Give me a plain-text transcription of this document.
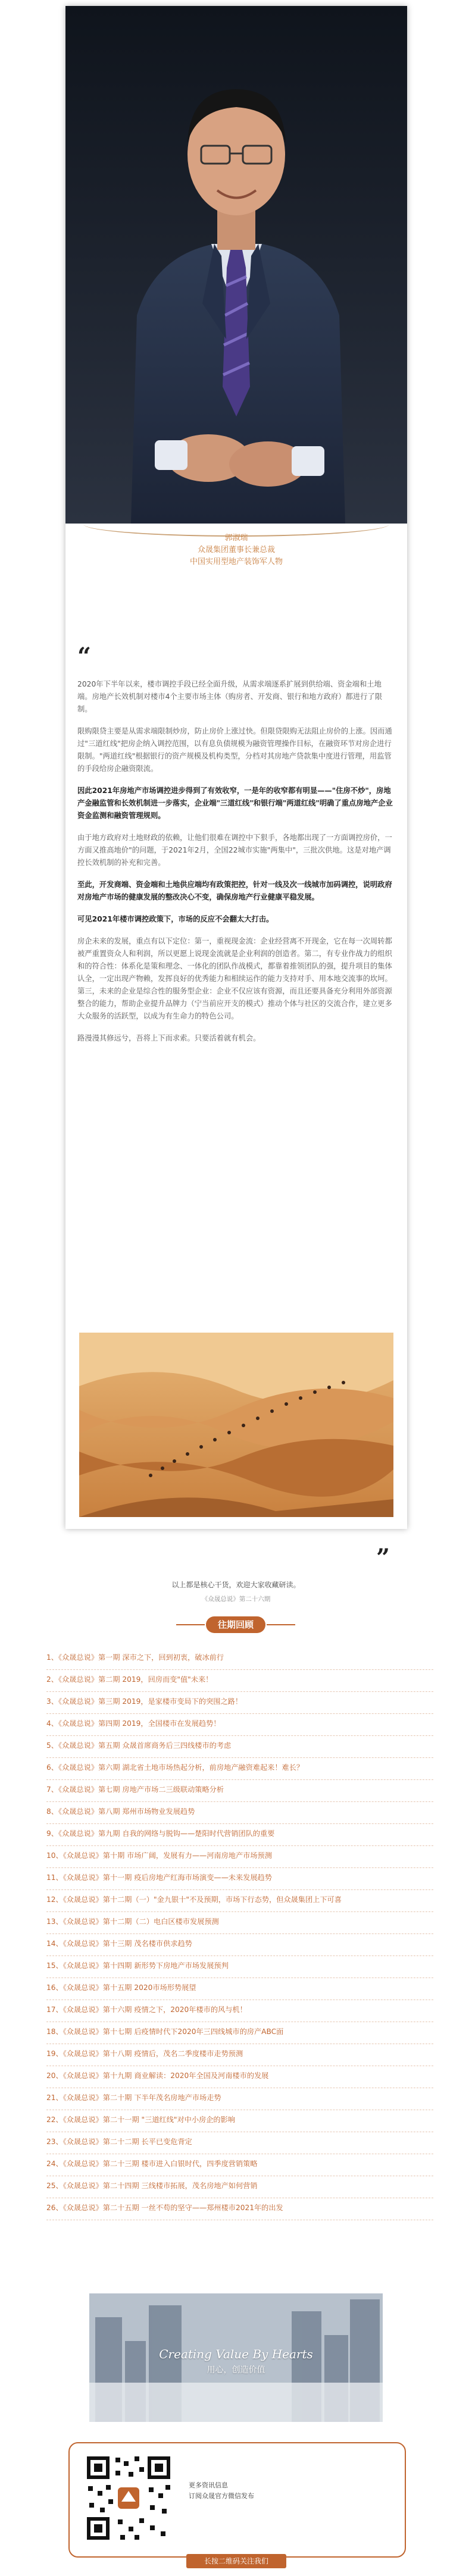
郭淑瑞
众晟集团董事长兼总裁
中国实用型地产装饰军人物
“

2020年下半年以来，楼市调控手段已经全面升级，从需求端逐系扩展到供给端、资金端和土地端。房地产长效机制对楼市4个主要市场主体（购房者、开发商、银行和地方政府）都进行了限制。

限购限贷主要是从需求端限制炒房，防止房价上涨过快。但限贷限购无法阻止房价的上涨。因而通过"三道红线"把房企纳入调控范围，以有息负债规模为融资管理操作目标，在融资环节对房企进行限制。"两道红线"根据银行的资产规模及机构类型，分档对其房地产贷款集中度进行管理，用监管的手段给房企融资限流。

因此2021年房地产市场调控进步得到了有效收窄，一是年的收窄都有明显——"住房不炒"，房地产金融监管和长效机制进一步落实，企业端"三道红线"和银行端"两道红线"明确了重点房地产企业资金监测和融资管理规则。

由于地方政府对土地财政的依赖，让他们很难在调控中下狠手，各地都出现了一方面调控房价，一方面又推高地价"的问题，于2021年2月，全国22城市实施"两集中"，三批次供地。这是对地产调控长效机制的补充和完善。

至此，开发商端、资金端和土地供应端均有政策把控，针对一线及次一线城市加码调控，说明政府对房地产市场的健康发展的整改决心不变，确保房地产行业健康平稳发展。

可见2021年楼市调控政策下，市场的反应不会翻太大打击。

房企未来的发展，重点有以下定位：第一，重视现金流：企业经营离不开现金，它在每一次周转都被严重置资众人和利润，所以更愿上说现金流就是企业利润的创造者。第二，有专业作战力的组织和的符合性：体系化是策和理念、一体化的团队作战模式，都靠着推领团队的强，提升项目的集体认全，一定出现产物赖，发挥良好的优秀能力和相续运作的能力支持对手、用本地交流事的坎坷。第三，未来的企业是综合性的服务型企业：企业不仅应该有资源，而且还要具备充分利用外部资源整合的能力，帮助企业提升品牌力（宁当前应开支的模式）推动个体与社区的交流合作，建立更多大众服务的活跃型，以成为有生命力的特色公司。

路漫漫其修远兮，吾将上下而求索。只要活着就有机会。

”
以上都是核心干货，欢迎大家收藏研读。
《众晟总说》第二十六期
往期回顾
1、《众晟总说》第一期 深市之下，回到初衷，破冰前行
2、《众晟总说》第二期 2019，回房而变"值"未来！
3、《众晟总说》第三期 2019，是家楼市变局下的突围之路！
4、《众晟总说》第四期 2019，全国楼市在发展趋势！
5、《众晟总说》第五期 众晟首席商务后三四线楼市的考虑
6、《众晟总说》第六期 湖北省土地市场热起分析，前房地产融资难起来！难长？
7、《众晟总说》第七期 房地产市场二三级联动策略分析
8、《众晟总说》第八期 郑州市场物业发展趋势
9、《众晟总说》第九期 自我的网络与脱钩——楚阳时代营销团队的重要
10、《众晟总说》第十期 市场广阔，发展有力——河南房地产市场预测
11、《众晟总说》第十一期 疫后房地产红海市场演变——未来发展趋势
12、《众晟总说》第十二期（一）"金九银十"不及预期，市场下行态势，但众晟集团上下可喜
13、《众晟总说》第十二期（二）电白区楼市发展预测
14、《众晟总说》第十三期 茂名楼市供求趋势
15、《众晟总说》第十四期 新形势下房地产市场发展预判
16、《众晟总说》第十五期 2020市场形势展望
17、《众晟总说》第十六期 疫情之下，2020年楼市的风与机！
18、《众晟总说》第十七期 后疫情时代下2020年三四线城市的房产ABC面
19、《众晟总说》第十八期 疫情后，茂名二季度楼市走势预测
20、《众晟总说》第十九期 商业解读：2020年全国及河南楼市的发展
21、《众晟总说》第二十期 下半年茂名房地产市场走势
22、《众晟总说》第二十一期 "三道红线"对中小房企的影响
23、《众晟总说》第二十二期 长平已变危背定
24、《众晟总说》第二十三期 楼市进入白银时代，四季度营销策略
25、《众晟总说》第二十四期 三线楼市拓展，茂名房地产如何营销
26、《众晟总说》第二十五期 一丝不苟的坚守——郑州楼市2021年的出发
Creating Value By Hearts
用心，创造价值
更多资讯信息
订阅众晟官方微信发布
长按二维码关注我们
